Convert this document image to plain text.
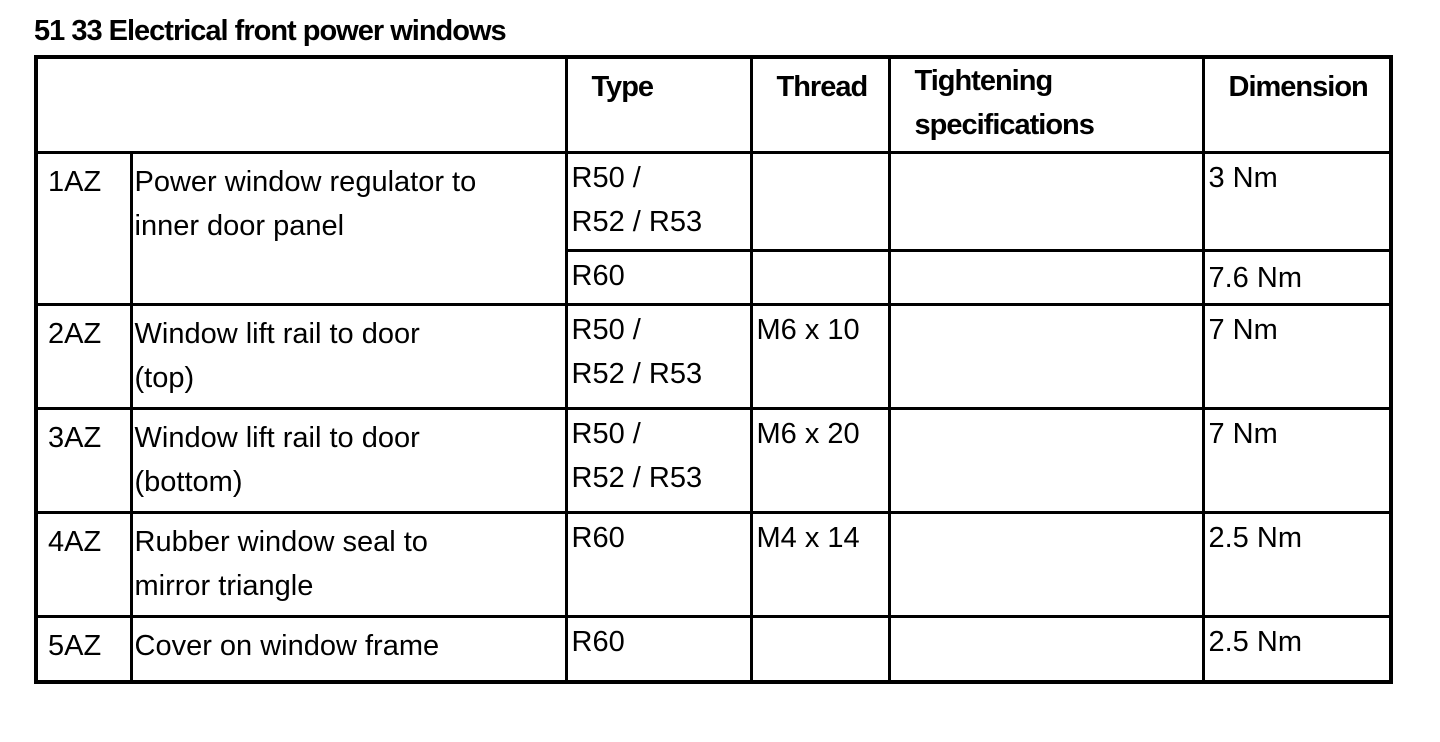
51 33 Electrical front power windows
		Type	Thread	Tightening
specifications	Dimension
1AZ	Power window regulator to
inner door panel	R50 /
R52 / R53			3 Nm
		R60			7.6 Nm
2AZ	Window lift rail to door
(top)	R50 /
R52 / R53	M6 x 10		7 Nm
3AZ	Window lift rail to door
(bottom)	R50 /
R52 / R53	M6 x 20		7 Nm
4AZ	Rubber window seal to
mirror triangle	R60	M4 x 14		2.5 Nm
5AZ	Cover on window frame	R60			2.5 Nm
